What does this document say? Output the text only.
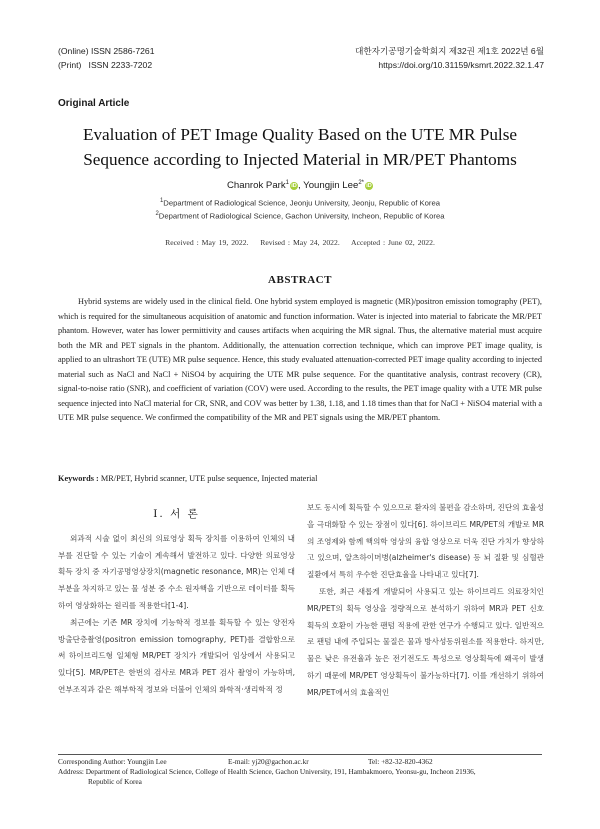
(Online) ISSN 2586-7261
(Print)   ISSN 2233-7202
대한자기공명기술학회지 제32권 제1호 2022년 6월
https://doi.org/10.31159/ksmrt.2022.32.1.47
Original Article
Evaluation of PET Image Quality Based on the UTE MR Pulse
Sequence according to Injected Material in MR/PET Phantoms
Chanrok Park$^1$iD, Youngjin Lee$^{2*}$iD
$^1$Department of Radiological Science, Jeonju University, Jeonju, Republic of Korea
$^2$Department of Radiological Science, Gachon University, Incheon, Republic of Korea
Received : May 19, 2022.    Revised : May 24, 2022.    Accepted : June 02, 2022.
ABSTRACT
Hybrid systems are widely used in the clinical field. One hybrid system employed is magnetic (MR)/positron emission tomography (PET), which is required for the simultaneous acquisition of anatomic and function information. Water is injected into material to fabricate the MR/PET phantom. However, water has lower permittivity and causes artifacts when acquiring the MR signal. Thus, the alternative material must acquire both the MR and PET signals in the phantom. Additionally, the attenuation correction technique, which can improve PET image quality, is applied to an ultrashort TE (UTE) MR pulse sequence. Hence, this study evaluated attenuation-corrected PET image quality according to injected material such as NaCl and NaCl + NiSO4 by acquiring the UTE MR pulse sequence. For the quantitative analysis, contrast recovery (CR), signal-to-noise ratio (SNR), and coefficient of variation (COV) were used. According to the results, the PET image quality with a UTE MR pulse sequence injected into NaCl material for CR, SNR, and COV was better by 1.38, 1.18, and 1.18 times than that for NaCl + NiSO4 material with a UTE MR pulse sequence. We confirmed the compatibility of the MR and PET signals using the MR/PET phantom.
Keywords : MR/PET, Hybrid scanner, UTE pulse sequence, Injected material
Ⅰ. 서 론

외과적 시술 없이 최신의 의료영상 획득 장치를 이용하여 인체의 내부를 진단할 수 있는 기술이 계속해서 발전하고 있다. 다양한 의료영상 획득 장치 중 자기공명영상장치(magnetic resonance, MR)는 인체 대부분을 차지하고 있는 물 성분 중 수소 원자핵을 기반으로 데이터를 획득하여 영상화하는 원리를 적용한다[1-4].

최근에는 기존 MR 장치에 기능학적 정보를 획득할 수 있는 양전자 방출단층촬영(positron emission tomography, PET)를 결합함으로써 하이브리드형 일체형 MR/PET 장치가 개발되어 임상에서 사용되고 있다[5]. MR/PET은 한번의 검사로 MR과 PET 검사 촬영이 가능하며, 연부조직과 같은 해부학적 정보와 더불어 인체의 화학적·생리학적 정

보도 동시에 획득할 수 있으므로 환자의 불편을 감소하며, 진단의 효율성을 극대화할 수 있는 장점이 있다[6]. 하이브리드 MR/PET의 개발로 MR의 조영제와 함께 핵의학 영상의 융합 영상으로 더욱 진단 가치가 향상하고 있으며, 알츠하이머병(alzheimer's disease) 등 뇌 질환 및 심혈관 질환에서 특히 우수한 진단효율을 나타내고 있다[7].

또한, 최근 새롭게 개발되어 사용되고 있는 하이브리드 의료장치인 MR/PET의 획득 영상을 정량적으로 분석하기 위하여 MR과 PET 신호 획득의 호환이 가능한 팬텀 적용에 관한 연구가 수행되고 있다. 일반적으로 팬텀 내에 주입되는 물질은 물과 방사성동위원소를 적용한다. 하지만, 물은 낮은 유전율과 높은 전기전도도 특성으로 영상획득에 왜곡이 발생하기 때문에 MR/PET 영상획득이 불가능하다[7]. 이를 개선하기 위하여 MR/PET에서의 효율적인

Corresponding Author: Youngjin Lee	E-mail: yj20@gachon.ac.kr	Tel: +82-32-820-4362
Address: Department of Radiological Science, College of Health Science, Gachon University, 191, Hambakmoero, Yeonsu-gu, Incheon 21936,
Republic of Korea
